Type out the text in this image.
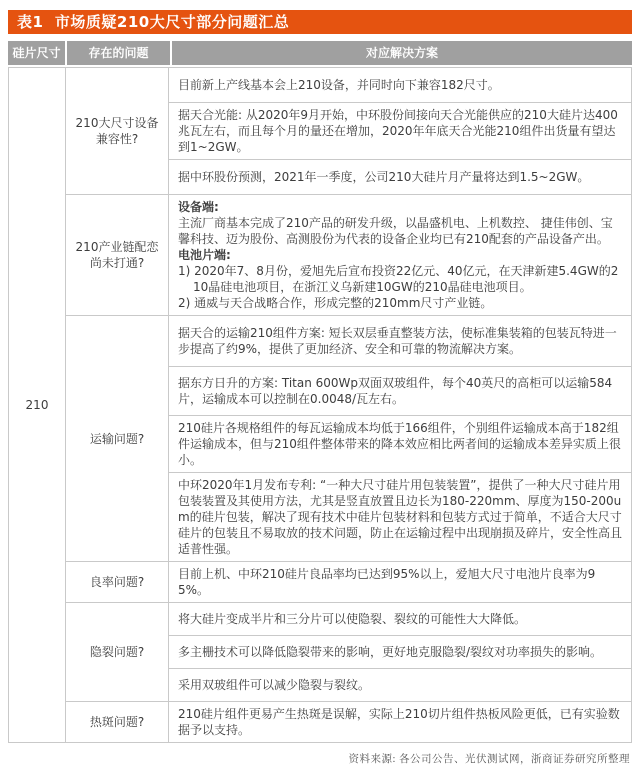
表1  市场质疑210大尺寸部分问题汇总
硅片尺寸	存在的问题	对应解决方案
210	210大尺寸设备兼容性?	目前新上产线基本会上210设备，并同时向下兼容182尺寸。
		据天合光能: 从2020年9月开始，中环股份间接向天合光能供应的210大硅片达400兆瓦左右，而且每个月的量还在增加，2020年年底天合光能210组件出货量有望达到1~2GW。
		据中环股份预测，2021年一季度，公司210大硅片月产量将达到1.5~2GW。
	210产业链配恋尚未打通?	设备端:
主流厂商基本完成了210产品的研发升级，以晶盛机电、上机数控、 捷佳伟创、宝馨科技、迈为股份、高测股份为代表的设备企业均已有210配套的产品设备产出。
电池片端:
1) 2020年7、8月份，爱旭先后宣布投资22亿元、40亿元，在天津新建5.4GW的210晶硅电池项目，在浙江义乌新建10GW的210晶硅电池项目。
2) 通威与天合战略合作，形成完整的210mm尺寸产业链。

	运输问题?	据天合的运输210组件方案: 短长双层垂直整装方法，使标准集装箱的包装瓦特进一步提高了约9%，提供了更加经济、安全和可靠的物流解决方案。
		据东方日升的方案: Titan 600Wp双面双玻组件，每个40英尺的高柜可以运输584片，运输成本可以控制在0.0048/瓦左右。
		210硅片各规格组件的每瓦运输成本均低于166组件，个别组件运输成本高于182组件运输成本，但与210组件整体带来的降本效应相比两者间的运输成本差异实质上很小。
		中环2020年1月发布专利: “一种大尺寸硅片用包装装置”，提供了一种大尺寸硅片用包装装置及其使用方法，尤其是竖直放置且边长为180-220mm、厚度为150-200um的硅片包装，解决了现有技术中硅片包装材料和包装方式过于简单，不适合大尺寸硅片的包装且不易取放的技术问题，防止在运输过程中出现崩损及碎片，安全性高且适普性强。
	良率问题?	目前上机、中环210硅片良品率均已达到95%以上，爱旭大尺寸电池片良率为95%。
	隐裂问题?	将大硅片变成半片和三分片可以使隐裂、裂纹的可能性大大降低。
		多主栅技术可以降低隐裂带来的影响，更好地克服隐裂/裂纹对功率损失的影响。
		采用双玻组件可以减少隐裂与裂纹。
	热斑问题?	210硅片组件更易产生热斑是误解，实际上210切片组件热板风险更低，已有实验数据予以支持。
资料来源: 各公司公告、光伏测试网，浙商证券研究所整理
